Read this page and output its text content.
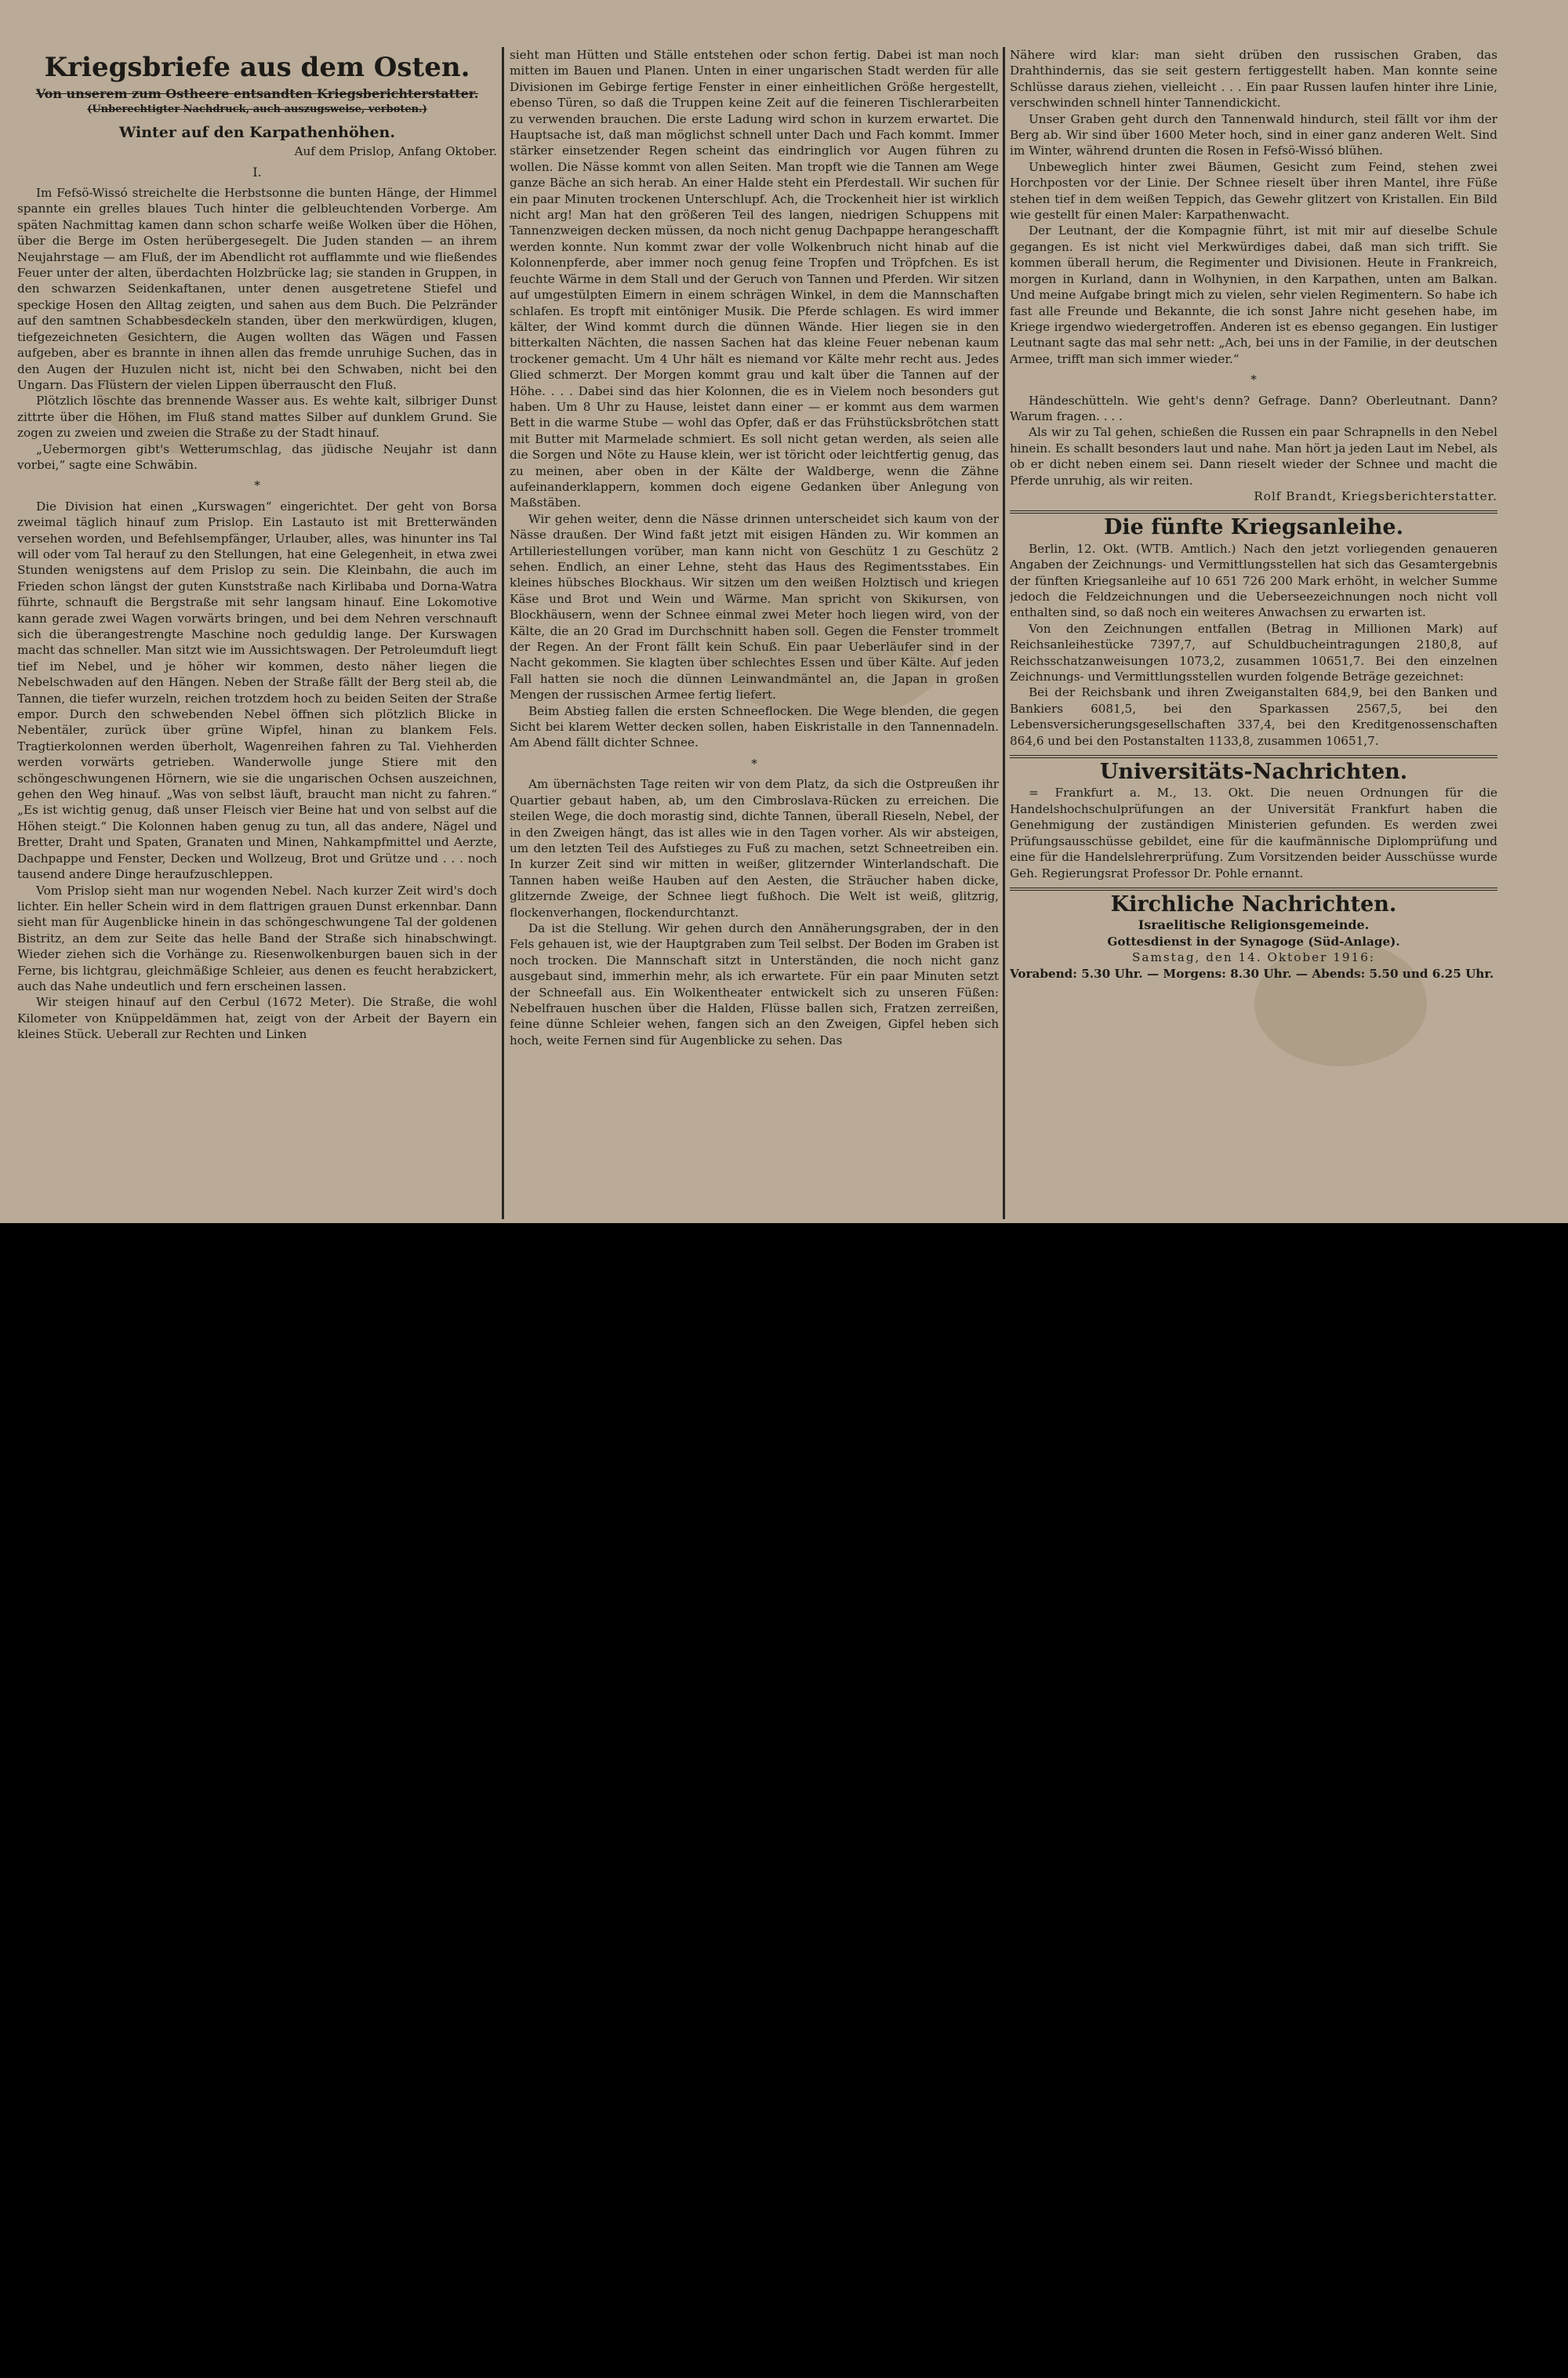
Kriegsbriefe aus dem Osten.
Von unserem zum Ostheere entsandten Kriegsberichterstatter.
(Unberechtigter Nachdruck, auch auszugsweise, verboten.)
Winter auf den Karpathenhöhen.
Auf dem Prislop, Anfang Oktober.
I.

Im Fefsö-Wissó streichelte die Herbstsonne die bunten Hänge, der Himmel spannte ein grelles blaues Tuch hinter die gelbleuchtenden Vorberge. Am späten Nachmittag kamen dann schon scharfe weiße Wolken über die Höhen, über die Berge im Osten herübergesegelt. Die Juden standen — an ihrem Neujahrstage — am Fluß, der im Abendlicht rot aufflammte und wie fließendes Feuer unter der alten, überdachten Holzbrücke lag; sie standen in Gruppen, in den schwarzen Seidenkaftanen, unter denen ausgetretene Stiefel und speckige Hosen den Alltag zeigten, und sahen aus dem Buch. Die Pelzränder auf den samtnen Schabbesdeckeln standen, über den merkwürdigen, klugen, tiefgezeichneten Gesichtern, die Augen wollten das Wägen und Fassen aufgeben, aber es brannte in ihnen allen das fremde unruhige Suchen, das in den Augen der Huzulen nicht ist, nicht bei den Schwaben, nicht bei den Ungarn. Das Flüstern der vielen Lippen überrauscht den Fluß.

Plötzlich löschte das brennende Wasser aus. Es wehte kalt, silbriger Dunst zittrte über die Höhen, im Fluß stand mattes Silber auf dunklem Grund. Sie zogen zu zweien und zweien die Straße zu der Stadt hinauf.

„Uebermorgen gibt's Wetterumschlag, das jüdische Neujahr ist dann vorbei,“ sagte eine Schwäbin.

*

Die Division hat einen „Kurswagen“ eingerichtet. Der geht von Borsa zweimal täglich hinauf zum Prislop. Ein Lastauto ist mit Bretterwänden versehen worden, und Befehlsempfänger, Urlauber, alles, was hinunter ins Tal will oder vom Tal herauf zu den Stellungen, hat eine Gelegenheit, in etwa zwei Stunden wenigstens auf dem Prislop zu sein. Die Kleinbahn, die auch im Frieden schon längst der guten Kunststraße nach Kirlibaba und Dorna-Watra führte, schnauft die Bergstraße mit sehr langsam hinauf. Eine Lokomotive kann gerade zwei Wagen vorwärts bringen, und bei dem Nehren verschnauft sich die überangestrengte Maschine noch geduldig lange. Der Kurswagen macht das schneller. Man sitzt wie im Aussichtswagen. Der Petroleumduft liegt tief im Nebel, und je höher wir kommen, desto näher liegen die Nebelschwaden auf den Hängen. Neben der Straße fällt der Berg steil ab, die Tannen, die tiefer wurzeln, reichen trotzdem hoch zu beiden Seiten der Straße empor. Durch den schwebenden Nebel öffnen sich plötzlich Blicke in Nebentäler, zurück über grüne Wipfel, hinan zu blankem Fels. Tragtierkolonnen werden überholt, Wagenreihen fahren zu Tal. Viehherden werden vorwärts getrieben. Wanderwolle junge Stiere mit den schöngeschwungenen Hörnern, wie sie die ungarischen Ochsen auszeichnen, gehen den Weg hinauf. „Was von selbst läuft, braucht man nicht zu fahren.“ „Es ist wichtig genug, daß unser Fleisch vier Beine hat und von selbst auf die Höhen steigt.“ Die Kolonnen haben genug zu tun, all das andere, Nägel und Bretter, Draht und Spaten, Granaten und Minen, Nahkampfmittel und Aerzte, Dachpappe und Fenster, Decken und Wollzeug, Brot und Grütze und . . . noch tausend andere Dinge heraufzuschleppen.

Vom Prislop sieht man nur wogenden Nebel. Nach kurzer Zeit wird's doch lichter. Ein heller Schein wird in dem flattrigen grauen Dunst erkennbar. Dann sieht man für Augenblicke hinein in das schöngeschwungene Tal der goldenen Bistritz, an dem zur Seite das helle Band der Straße sich hinabschwingt. Wieder ziehen sich die Vorhänge zu. Riesenwolkenburgen bauen sich in der Ferne, bis lichtgrau, gleichmäßige Schleier, aus denen es feucht herabzickert, auch das Nahe undeutlich und fern erscheinen lassen.

Wir steigen hinauf auf den Cerbul (1672 Meter). Die Straße, die wohl Kilometer von Knüppeldämmen hat, zeigt von der Arbeit der Bayern ein kleines Stück. Ueberall zur Rechten und Linken

sieht man Hütten und Ställe entstehen oder schon fertig. Dabei ist man noch mitten im Bauen und Planen. Unten in einer ungarischen Stadt werden für alle Divisionen im Gebirge fertige Fenster in einer einheitlichen Größe hergestellt, ebenso Türen, so daß die Truppen keine Zeit auf die feineren Tischlerarbeiten zu verwenden brauchen. Die erste Ladung wird schon in kurzem erwartet. Die Hauptsache ist, daß man möglichst schnell unter Dach und Fach kommt. Immer stärker einsetzender Regen scheint das eindringlich vor Augen führen zu wollen. Die Nässe kommt von allen Seiten. Man tropft wie die Tannen am Wege ganze Bäche an sich herab. An einer Halde steht ein Pferdestall. Wir suchen für ein paar Minuten trockenen Unterschlupf. Ach, die Trockenheit hier ist wirklich nicht arg! Man hat den größeren Teil des langen, niedrigen Schuppens mit Tannenzweigen decken müssen, da noch nicht genug Dachpappe herangeschafft werden konnte. Nun kommt zwar der volle Wolkenbruch nicht hinab auf die Kolonnenpferde, aber immer noch genug feine Tropfen und Tröpfchen. Es ist feuchte Wärme in dem Stall und der Geruch von Tannen und Pferden. Wir sitzen auf umgestülpten Eimern in einem schrägen Winkel, in dem die Mannschaften schlafen. Es tropft mit eintöniger Musik. Die Pferde schlagen. Es wird immer kälter, der Wind kommt durch die dünnen Wände. Hier liegen sie in den bitterkalten Nächten, die nassen Sachen hat das kleine Feuer nebenan kaum trockener gemacht. Um 4 Uhr hält es niemand vor Kälte mehr recht aus. Jedes Glied schmerzt. Der Morgen kommt grau und kalt über die Tannen auf der Höhe. . . . Dabei sind das hier Kolonnen, die es in Vielem noch besonders gut haben. Um 8 Uhr zu Hause, leistet dann einer — er kommt aus dem warmen Bett in die warme Stube — wohl das Opfer, daß er das Frühstücksbrötchen statt mit Butter mit Marmelade schmiert. Es soll nicht getan werden, als seien alle die Sorgen und Nöte zu Hause klein, wer ist töricht oder leichtfertig genug, das zu meinen, aber oben in der Kälte der Waldberge, wenn die Zähne aufeinanderklappern, kommen doch eigene Gedanken über Anlegung von Maßstäben.

Wir gehen weiter, denn die Nässe drinnen unterscheidet sich kaum von der Nässe draußen. Der Wind faßt jetzt mit eisigen Händen zu. Wir kommen an Artilleriestellungen vorüber, man kann nicht von Geschütz 1 zu Geschütz 2 sehen. Endlich, an einer Lehne, steht das Haus des Regimentsstabes. Ein kleines hübsches Blockhaus. Wir sitzen um den weißen Holztisch und kriegen Käse und Brot und Wein und Wärme. Man spricht von Skikursen, von Blockhäusern, wenn der Schnee einmal zwei Meter hoch liegen wird, von der Kälte, die an 20 Grad im Durchschnitt haben soll. Gegen die Fenster trommelt der Regen. An der Front fällt kein Schuß. Ein paar Ueberläufer sind in der Nacht gekommen. Sie klagten über schlechtes Essen und über Kälte. Auf jeden Fall hatten sie noch die dünnen Leinwandmäntel an, die Japan in großen Mengen der russischen Armee fertig liefert.

Beim Abstieg fallen die ersten Schneeflocken. Die Wege blenden, die gegen Sicht bei klarem Wetter decken sollen, haben Eiskristalle in den Tannennadeln. Am Abend fällt dichter Schnee.

*

Am übernächsten Tage reiten wir von dem Platz, da sich die Ostpreußen ihr Quartier gebaut haben, ab, um den Cimbroslava-Rücken zu erreichen. Die steilen Wege, die doch morastig sind, dichte Tannen, überall Rieseln, Nebel, der in den Zweigen hängt, das ist alles wie in den Tagen vorher. Als wir absteigen, um den letzten Teil des Aufstieges zu Fuß zu machen, setzt Schneetreiben ein. In kurzer Zeit sind wir mitten in weißer, glitzernder Winterlandschaft. Die Tannen haben weiße Hauben auf den Aesten, die Sträucher haben dicke, glitzernde Zweige, der Schnee liegt fußhoch. Die Welt ist weiß, glitzrig, flockenverhangen, flockendurchtanzt.

Da ist die Stellung. Wir gehen durch den Annäherungsgraben, der in den Fels gehauen ist, wie der Hauptgraben zum Teil selbst. Der Boden im Graben ist noch trocken. Die Mannschaft sitzt in Unterständen, die noch nicht ganz ausgebaut sind, immerhin mehr, als ich erwartete. Für ein paar Minuten setzt der Schneefall aus. Ein Wolkentheater entwickelt sich zu unseren Füßen: Nebelfrauen huschen über die Halden, Flüsse ballen sich, Fratzen zerreißen, feine dünne Schleier wehen, fangen sich an den Zweigen, Gipfel heben sich hoch, weite Fernen sind für Augenblicke zu sehen. Das

Nähere wird klar: man sieht drüben den russischen Graben, das Drahthindernis, das sie seit gestern fertiggestellt haben. Man konnte seine Schlüsse daraus ziehen, vielleicht . . . Ein paar Russen laufen hinter ihre Linie, verschwinden schnell hinter Tannendickicht.

Unser Graben geht durch den Tannenwald hindurch, steil fällt vor ihm der Berg ab. Wir sind über 1600 Meter hoch, sind in einer ganz anderen Welt. Sind im Winter, während drunten die Rosen in Fefsö-Wissó blühen.

Unbeweglich hinter zwei Bäumen, Gesicht zum Feind, stehen zwei Horchposten vor der Linie. Der Schnee rieselt über ihren Mantel, ihre Füße stehen tief in dem weißen Teppich, das Gewehr glitzert von Kristallen. Ein Bild wie gestellt für einen Maler: Karpathenwacht.

Der Leutnant, der die Kompagnie führt, ist mit mir auf dieselbe Schule gegangen. Es ist nicht viel Merkwürdiges dabei, daß man sich trifft. Sie kommen überall herum, die Regimenter und Divisionen. Heute in Frankreich, morgen in Kurland, dann in Wolhynien, in den Karpathen, unten am Balkan. Und meine Aufgabe bringt mich zu vielen, sehr vielen Regimentern. So habe ich fast alle Freunde und Bekannte, die ich sonst Jahre nicht gesehen habe, im Kriege irgendwo wiedergetroffen. Anderen ist es ebenso gegangen. Ein lustiger Leutnant sagte das mal sehr nett: „Ach, bei uns in der Familie, in der deutschen Armee, trifft man sich immer wieder.“

*

Händeschütteln. Wie geht's denn? Gefrage. Dann? Oberleutnant. Dann? Warum fragen. . . .

Als wir zu Tal gehen, schießen die Russen ein paar Schrapnells in den Nebel hinein. Es schallt besonders laut und nahe. Man hört ja jeden Laut im Nebel, als ob er dicht neben einem sei. Dann rieselt wieder der Schnee und macht die Pferde unruhig, als wir reiten.

Rolf Brandt, Kriegsberichterstatter.
Die fünfte Kriegsanleihe.

Berlin, 12. Okt. (WTB. Amtlich.) Nach den jetzt vorliegenden genaueren Angaben der Zeichnungs- und Vermittlungsstellen hat sich das Gesamtergebnis der fünften Kriegsanleihe auf 10 651 726 200 Mark erhöht, in welcher Summe jedoch die Feldzeichnungen und die Ueberseezeichnungen noch nicht voll enthalten sind, so daß noch ein weiteres Anwachsen zu erwarten ist.

Von den Zeichnungen entfallen (Betrag in Millionen Mark) auf Reichsanleihestücke 7397,7, auf Schuldbucheintragungen 2180,8, auf Reichsschatzanweisungen 1073,2, zusammen 10651,7. Bei den einzelnen Zeichnungs- und Vermittlungsstellen wurden folgende Beträge gezeichnet:

Bei der Reichsbank und ihren Zweiganstalten 684,9, bei den Banken und Bankiers 6081,5, bei den Sparkassen 2567,5, bei den Lebensversicherungsgesellschaften 337,4, bei den Kreditgenossenschaften 864,6 und bei den Postanstalten 1133,8, zusammen 10651,7.

Universitäts-Nachrichten.

= Frankfurt a. M., 13. Okt. Die neuen Ordnungen für die Handelshochschulprüfungen an der Universität Frankfurt haben die Genehmigung der zuständigen Ministerien gefunden. Es werden zwei Prüfungsausschüsse gebildet, eine für die kaufmännische Diplomprüfung und eine für die Handelslehrerprüfung. Zum Vorsitzenden beider Ausschüsse wurde Geh. Regierungsrat Professor Dr. Pohle ernannt.

Kirchliche Nachrichten.
Israelitische Religionsgemeinde.
Gottesdienst in der Synagoge (Süd-Anlage).
Samstag, den 14. Oktober 1916:
Vorabend: 5.30 Uhr. — Morgens: 8.30 Uhr. — Abends: 5.50 und 6.25 Uhr.
